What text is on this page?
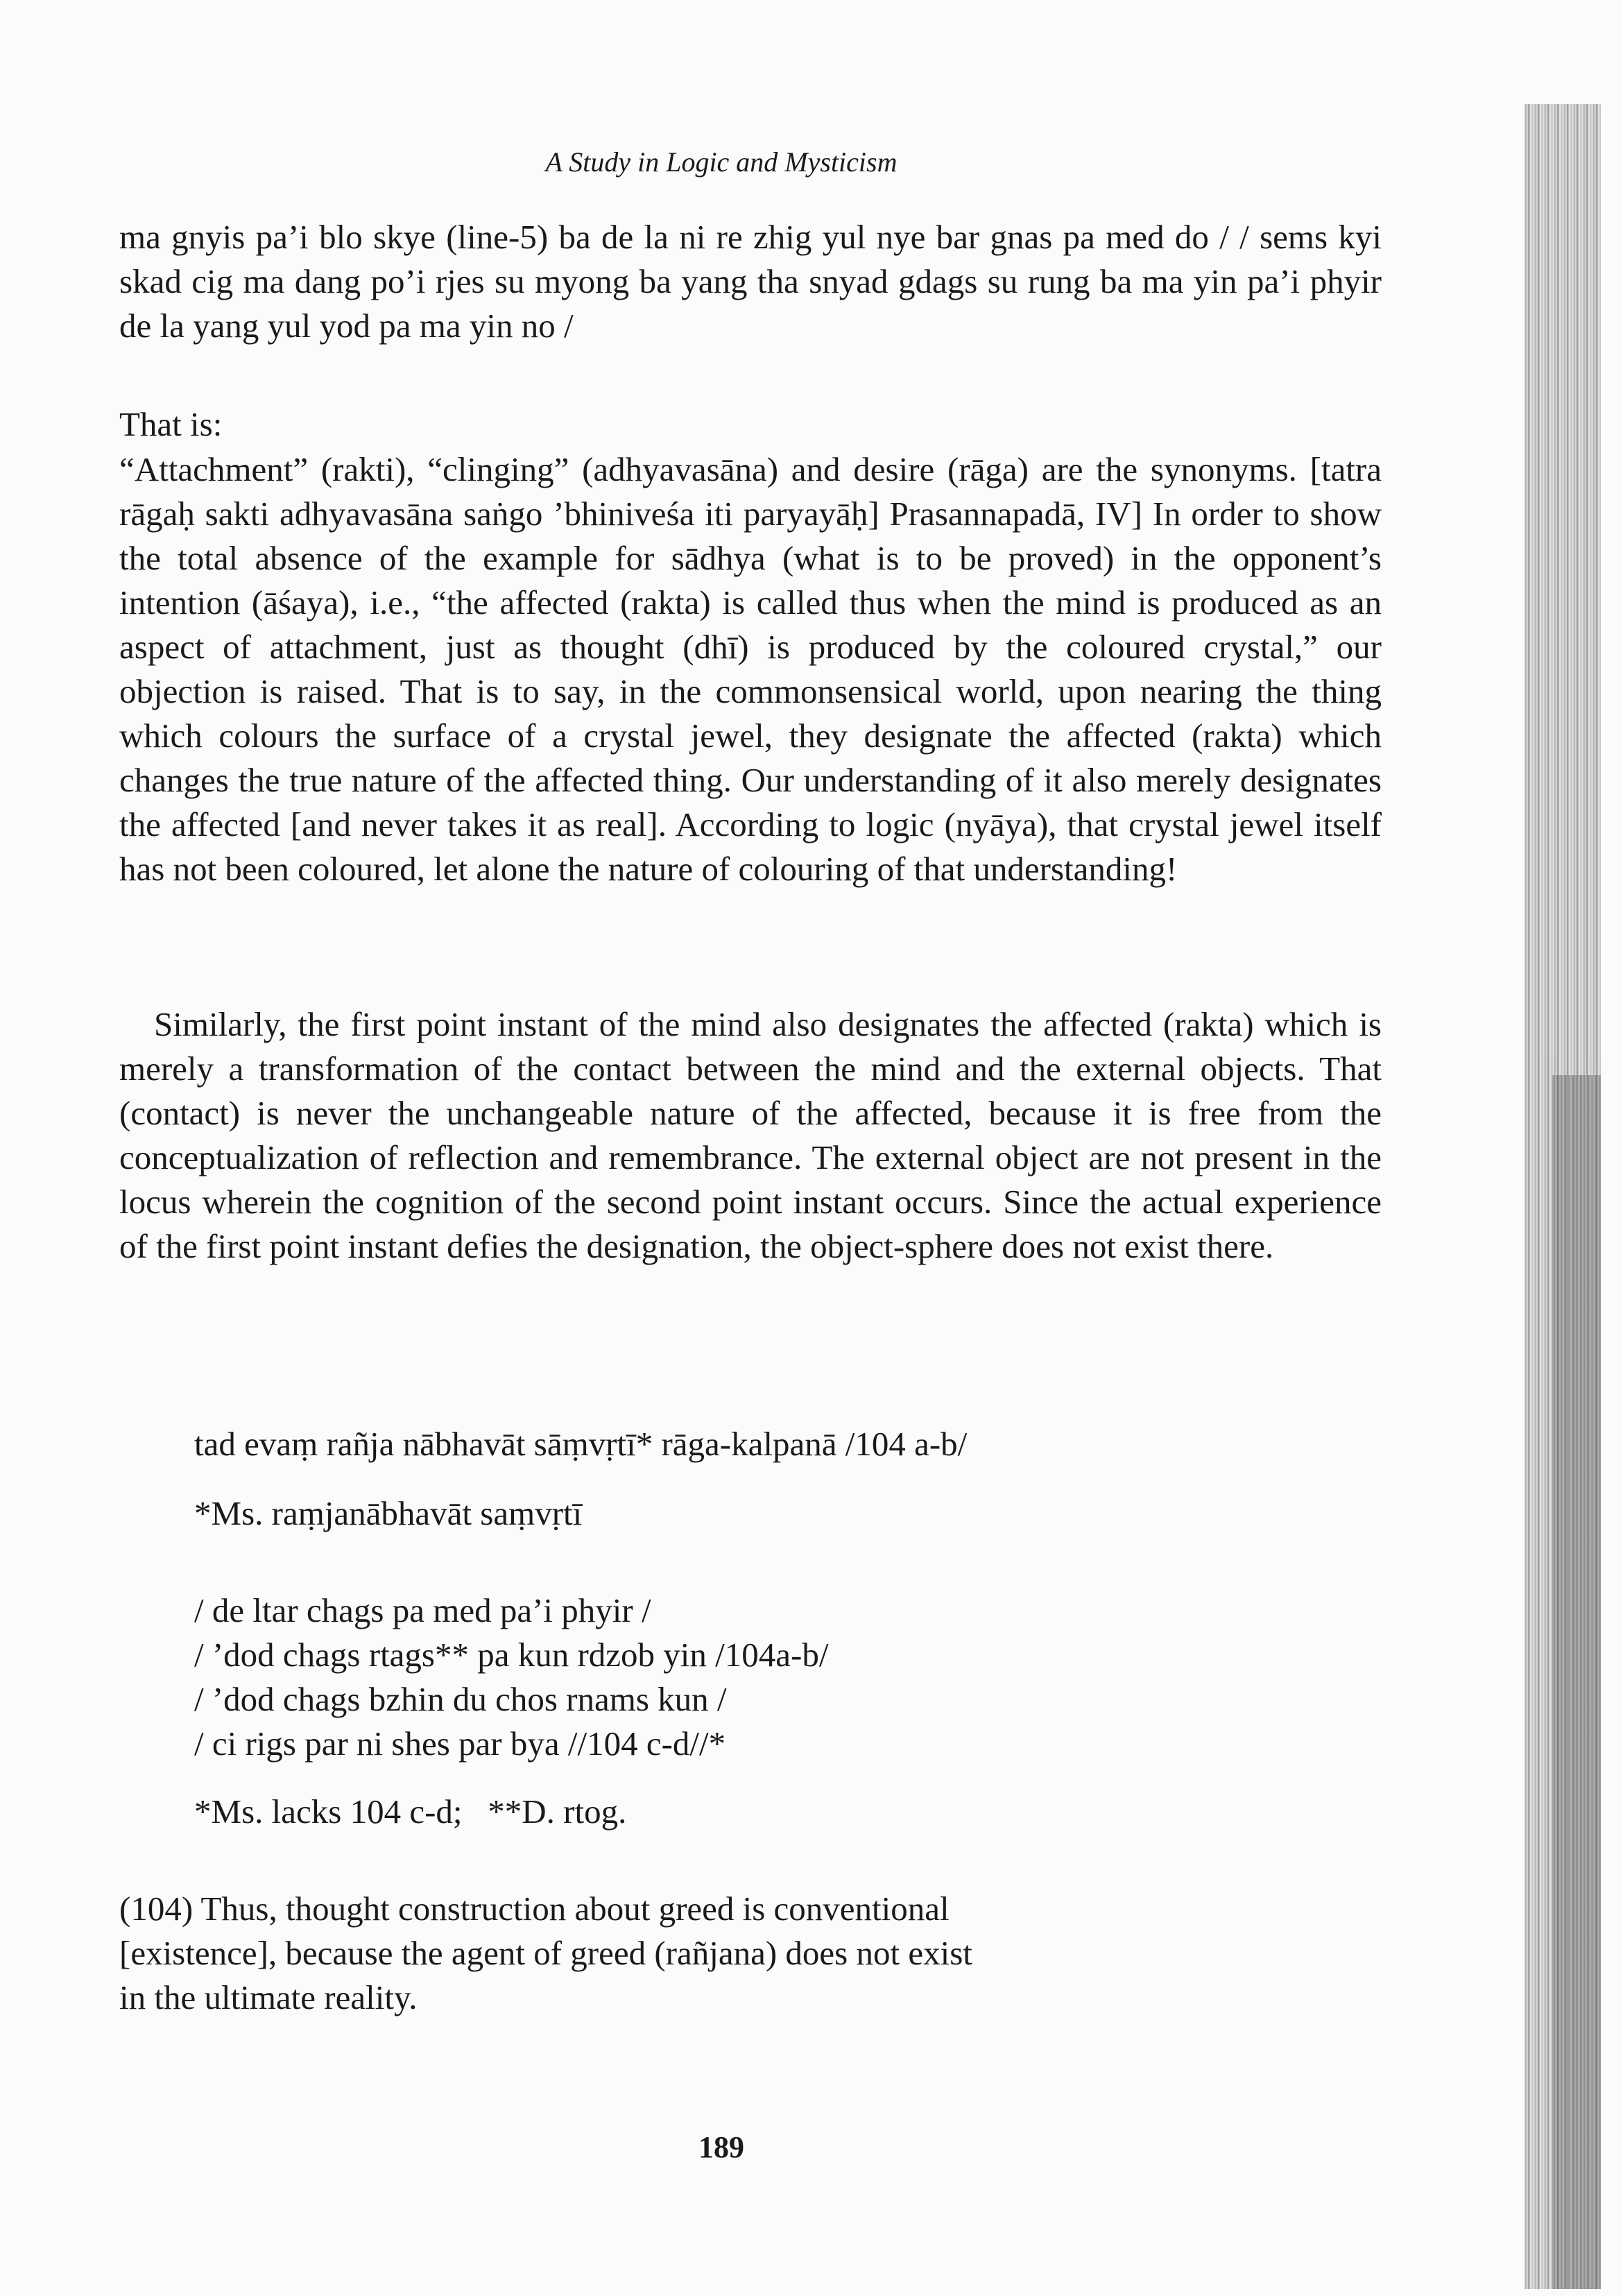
A Study in Logic and Mysticism

ma gnyis pa’i blo skye (line-5) ba de la ni re zhig yul nye bar gnas pa med do / / sems kyi skad cig ma dang po’i rjes su myong ba yang tha snyad gdags su rung ba ma yin pa’i phyir de la yang yul yod pa ma yin no /

That is:

“Attachment” (rakti), “clinging” (adhyavasāna) and desire (rāga) are the synonyms. [tatra rāgaḥ sakti adhyavasāna saṅgo ’bhiniveśa iti paryayāḥ] Prasannapadā, IV] In order to show the total absence of the example for sādhya (what is to be proved) in the opponent’s intention (āśaya), i.e., “the affected (rakta) is called thus when the mind is produced as an aspect of attachment, just as thought (dhī) is produced by the coloured crystal,” our objection is raised. That is to say, in the commonsensical world, upon nearing the thing which colours the surface of a crystal jewel, they designate the affected (rakta) which changes the true nature of the affected thing. Our understanding of it also merely designates the affected [and never takes it as real]. According to logic (nyāya), that crystal jewel itself has not been coloured, let alone the nature of colouring of that understanding!

Similarly, the first point instant of the mind also designates the affected (rakta) which is merely a transformation of the contact between the mind and the external objects. That (contact) is never the unchangeable nature of the affected, because it is free from the conceptualization of reflection and remembrance. The external object are not present in the locus wherein the cognition of the second point instant occurs. Since the actual experience of the first point instant defies the designation, the object-sphere does not exist there.

tad evaṃ rañja nābhavāt sāṃvṛtī* rāga-kalpanā /104 a-b/

*Ms. raṃjanābhavāt saṃvṛtī

/ de ltar chags pa med pa’i phyir /

/ ’dod chags rtags** pa kun rdzob yin /104a-b/

/ ’dod chags bzhin du chos rnams kun /

/ ci rigs par ni shes par bya //104 c-d//*

*Ms. lacks 104 c-d;   **D. rtog.

(104) Thus, thought construction about greed is conventional [existence], because the agent of greed (rañjana) does not exist in the ultimate reality.

189
